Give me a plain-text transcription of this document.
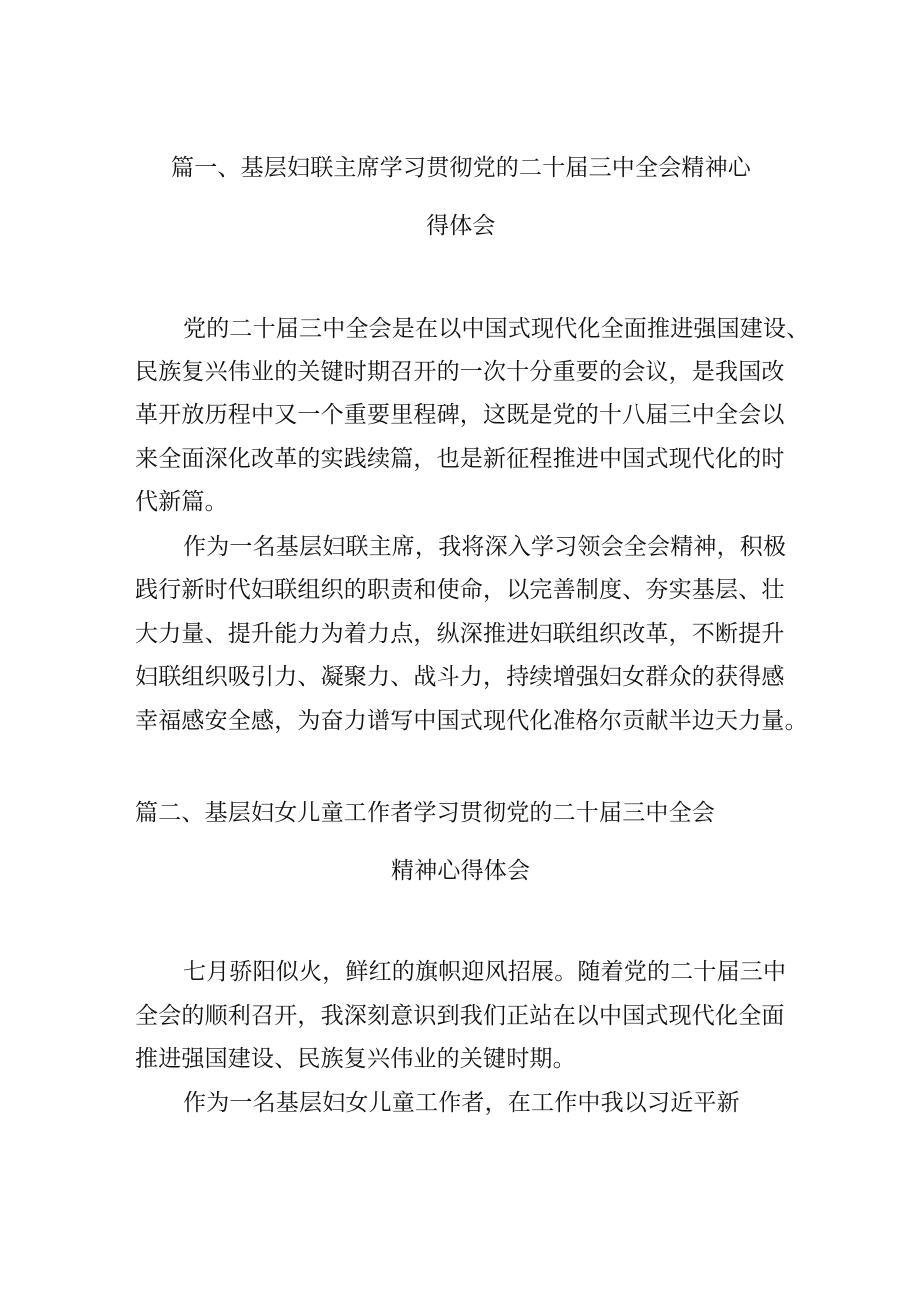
篇一、基层妇联主席学习贯彻党的二十届三中全会精神心

得体会

党的二十届三中全会是在以中国式现代化全面推进强国建设、

民族复兴伟业的关键时期召开的一次十分重要的会议，是我国改

革开放历程中又一个重要里程碑，这既是党的十八届三中全会以

来全面深化改革的实践续篇，也是新征程推进中国式现代化的时

代新篇。

作为一名基层妇联主席，我将深入学习领会全会精神，积极

践行新时代妇联组织的职责和使命，以完善制度、夯实基层、壮

大力量、提升能力为着力点，纵深推进妇联组织改革，不断提升

妇联组织吸引力、凝聚力、战斗力，持续增强妇女群众的获得感

幸福感安全感，为奋力谱写中国式现代化准格尔贡献半边天力量。

篇二、基层妇女儿童工作者学习贯彻党的二十届三中全会

精神心得体会

七月骄阳似火，鲜红的旗帜迎风招展。随着党的二十届三中

全会的顺利召开，我深刻意识到我们正站在以中国式现代化全面

推进强国建设、民族复兴伟业的关键时期。

作为一名基层妇女儿童工作者，在工作中我以习近平新
